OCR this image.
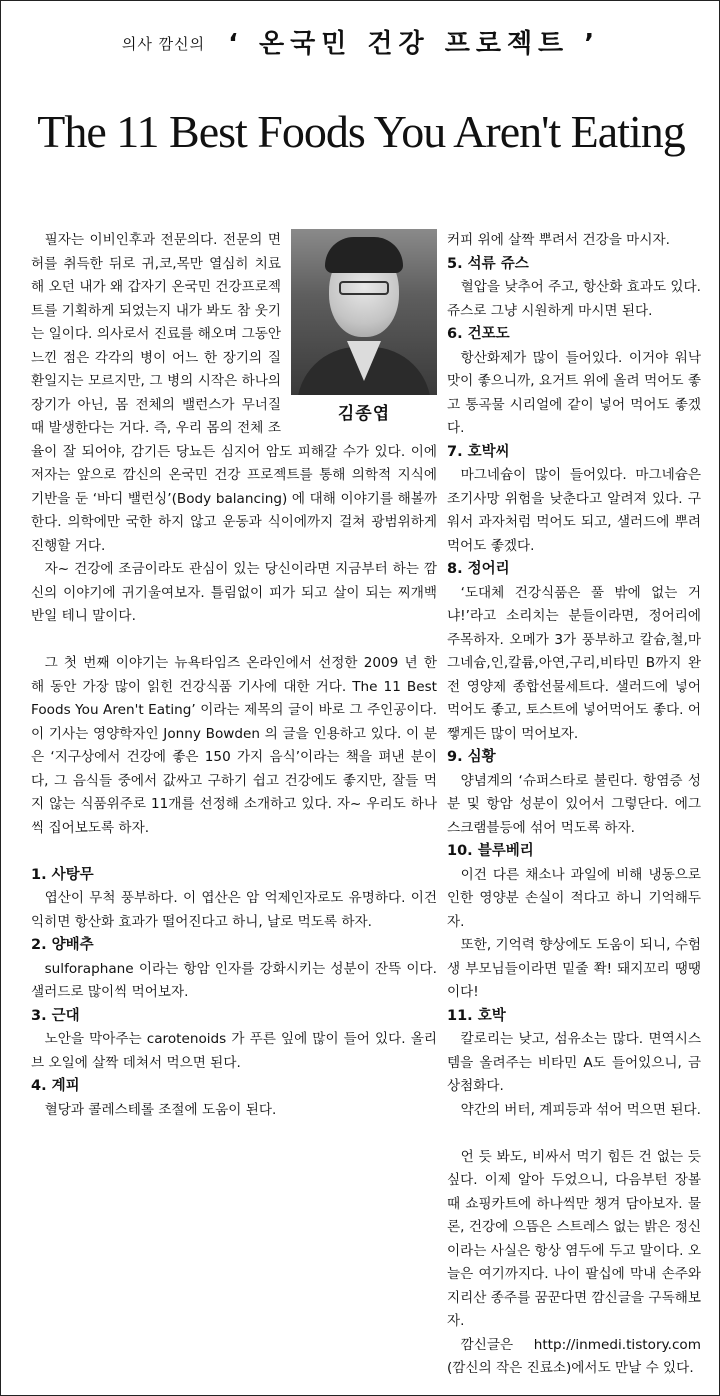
의사 깜신의 ‘ 온국민 건강 프로젝트 ’
The 11 Best Foods You Aren't Eating
김종엽

필자는 이비인후과 전문의다. 전문의 면허를 취득한 뒤로 귀,코,목만 열심히 치료해 오던 내가 왜 갑자기 온국민 건강프로젝트를 기획하게 되었는지 내가 봐도 참 웃기는 일이다. 의사로서 진료를 해오며 그동안 느낀 점은 각각의 병이 어느 한 장기의 질환일지는 모르지만, 그 병의 시작은 하나의 장기가 아닌, 몸 전체의 밸런스가 무너질 때 발생한다는 거다. 즉, 우리 몸의 전체 조율이 잘 되어야, 감기든 당뇨든 심지어 암도 피해갈 수가 있다. 이에 저자는 앞으로 깜신의 온국민 건강 프로젝트를 통해 의학적 지식에 기반을 둔 ‘바디 밸런싱’(Body balancing) 에 대해 이야기를 해볼까한다. 의학에만 국한 하지 않고 운동과 식이에까지 걸쳐 광범위하게 진행할 거다.

자~ 건강에 조금이라도 관심이 있는 당신이라면 지금부터 하는 깜신의 이야기에 귀기울여보자. 틀림없이 피가 되고 살이 되는 찌개백반일 테니 말이다.

그 첫 번째 이야기는 뉴욕타임즈 온라인에서 선정한 2009 년 한 해 동안 가장 많이 읽힌 건강식품 기사에 대한 거다. The 11 Best Foods You Aren't Eating’ 이라는 제목의 글이 바로 그 주인공이다. 이 기사는 영양학자인 Jonny Bowden 의 글을 인용하고 있다. 이 분은 ‘지구상에서 건강에 좋은 150 가지 음식’이라는 책을 펴낸 분이다, 그 음식들 중에서 값싸고 구하기 쉽고 건강에도 좋지만, 잘들 먹지 않는 식품위주로 11개를 선정해 소개하고 있다. 자~ 우리도 하나씩 집어보도록 하자.

1. 사탕무

엽산이 무척 풍부하다. 이 엽산은 암 억제인자로도 유명하다. 이건 익히면 항산화 효과가 떨어진다고 하니, 날로 먹도록 하자.

2. 양배추

sulforaphane 이라는 항암 인자를 강화시키는 성분이 잔뜩 이다. 샐러드로 많이씩 먹어보자.

3. 근대

노안을 막아주는 carotenoids 가 푸른 잎에 많이 들어 있다. 올리브 오일에 살짝 데쳐서 먹으면 된다.

4. 계피

혈당과 콜레스테롤 조절에 도움이 된다.

커피 위에 살짝 뿌려서 건강을 마시자.

5. 석류 쥬스

혈압을 낮추어 주고, 항산화 효과도 있다. 쥬스로 그냥 시원하게 마시면 된다.

6. 건포도

항산화제가 많이 들어있다. 이거야 워낙 맛이 좋으니까, 요거트 위에 올려 먹어도 좋고 통곡물 시리얼에 같이 넣어 먹어도 좋겠다.

7. 호박씨

마그네슘이 많이 들어있다. 마그네슘은 조기사망 위험을 낮춘다고 알려져 있다. 구워서 과자처럼 먹어도 되고, 샐러드에 뿌려 먹어도 좋겠다.

8. 정어리

‘도대체 건강식품은 풀 밖에 없는 거냐!’라고 소리치는 분들이라면, 정어리에 주목하자. 오메가 3가 풍부하고 칼슘,철,마그네슘,인,칼륨,아연,구리,비타민 B까지 완전 영양제 종합선물세트다. 샐러드에 넣어 먹어도 좋고, 토스트에 넣어먹어도 좋다. 어쨓게든 많이 먹어보자.

9. 심황

양념계의 ‘슈퍼스타로 불린다. 항염증 성분 및 항암 성분이 있어서 그렇단다. 에그 스크램블등에 섞어 먹도록 하자.

10. 블루베리

이건 다른 채소나 과일에 비해 냉동으로 인한 영양분 손실이 적다고 하니 기억해두자.

또한, 기억력 향상에도 도움이 되니, 수험생 부모님들이라면 밑줄 쫙! 돼지꼬리 땡땡이다!

11. 호박

칼로리는 낮고, 섬유소는 많다. 면역시스템을 올려주는 비타민 A도 들어있으니, 금상첨화다.

약간의 버터, 계피등과 섞어 먹으면 된다.

언 듯 봐도, 비싸서 먹기 힘든 건 없는 듯싶다. 이제 알아 두었으니, 다음부턴 장볼 때 쇼핑카트에 하나씩만 챙겨 담아보자. 물론, 건강에 으뜸은 스트레스 없는 밝은 정신이라는 사실은 항상 염두에 두고 말이다. 오늘은 여기까지다. 나이 팔십에 막내 손주와 지리산 종주를 꿈꾼다면 깜신글을 구독해보자.

깜신글은 http://inmedi.tistory.com (깜신의 작은 진료소)에서도 만날 수 있다.
